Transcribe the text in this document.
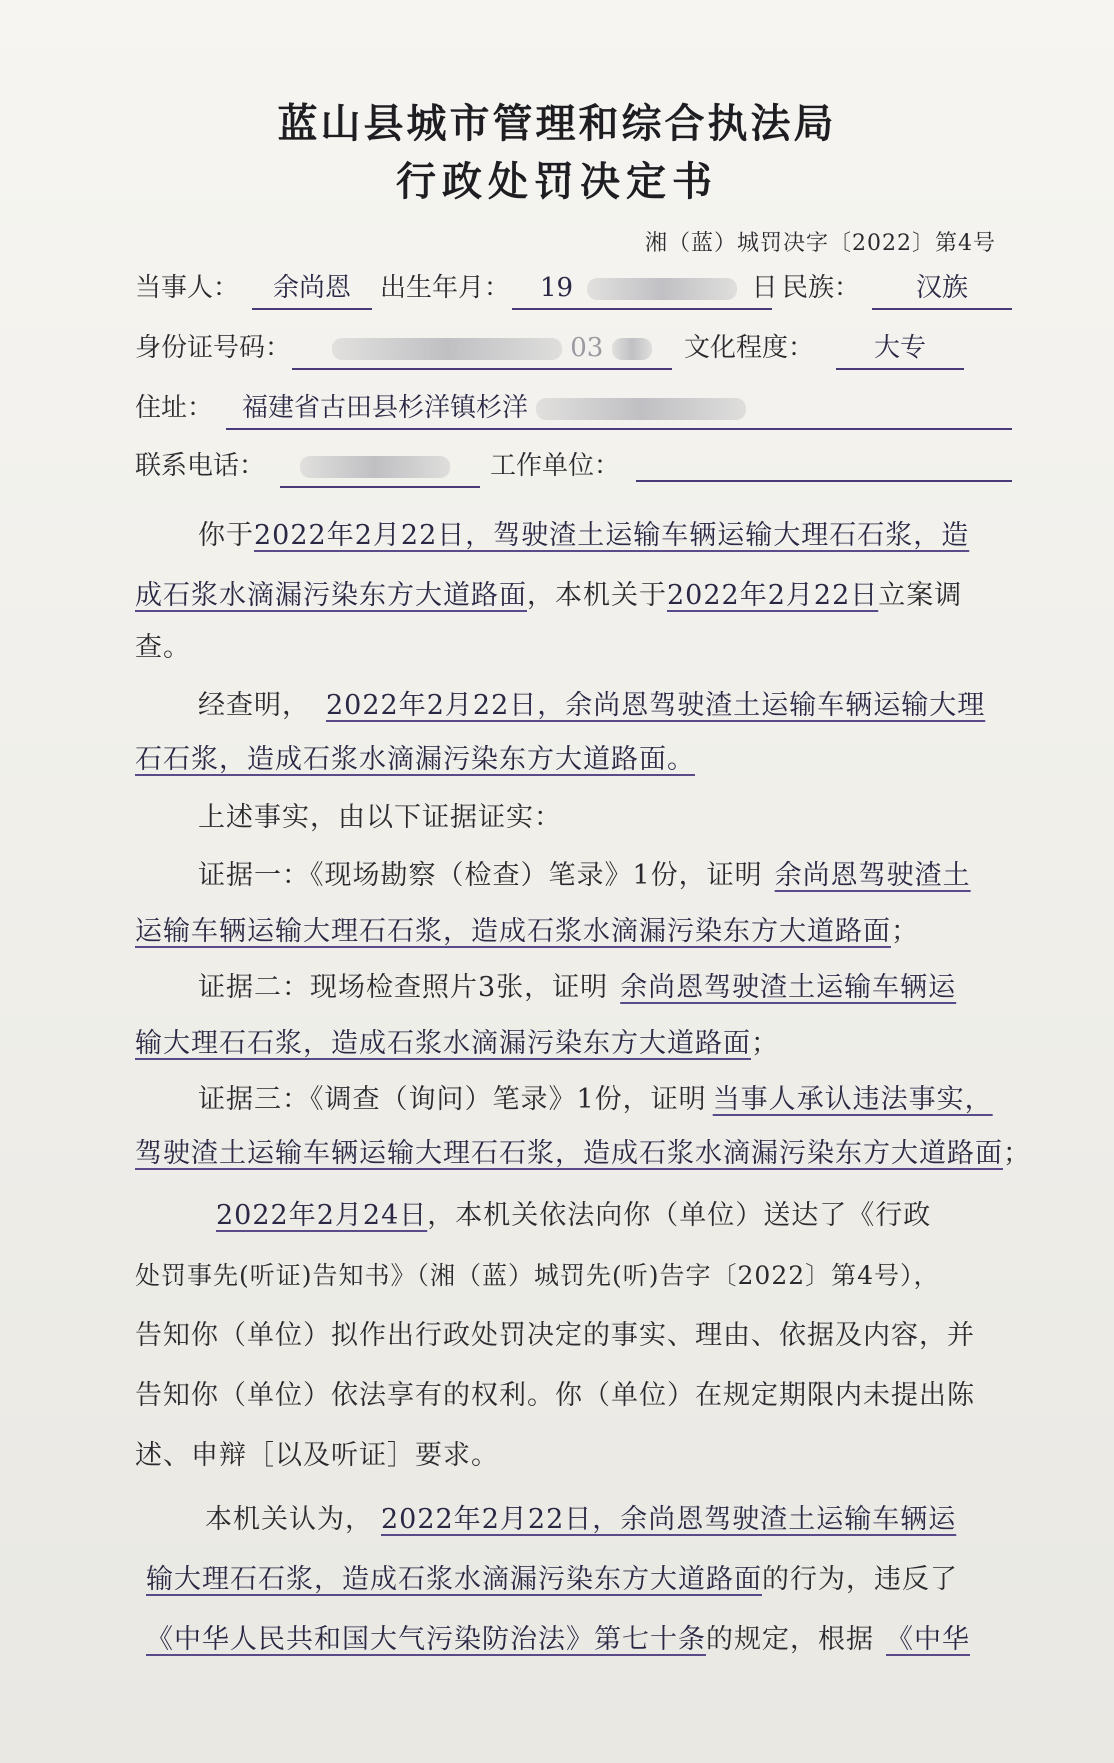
蓝山县城市管理和综合执法局
行政处罚决定书
湘（蓝）城罚决字〔2022〕第4号
当事人：	余尚恩	出生年月：	19	日 民族：	汉族
身份证号码：	03	文化程度：	大专
住址：	福建省古田县杉洋镇杉洋
联系电话：	工作单位：
你于2022年2月22日，驾驶渣土运输车辆运输大理石石浆，造
成石浆水滴漏污染东方大道路面，本机关于2022年2月22日立案调
查。
经查明， 2022年2月22日，余尚恩驾驶渣土运输车辆运输大理
石石浆，造成石浆水滴漏污染东方大道路面。
上述事实，由以下证据证实：
证据一：《现场勘察（检查）笔录》1份，证明 余尚恩驾驶渣土
运输车辆运输大理石石浆，造成石浆水滴漏污染东方大道路面；
证据二：现场检查照片3张，证明 余尚恩驾驶渣土运输车辆运
输大理石石浆，造成石浆水滴漏污染东方大道路面；
证据三：《调查（询问）笔录》1份，证明 当事人承认违法事实，
驾驶渣土运输车辆运输大理石石浆，造成石浆水滴漏污染东方大道路面；
2022年2月24日，本机关依法向你（单位）送达了《行政
处罚事先(听证)告知书》（湘（蓝）城罚先(听)告字〔2022〕第4号），
告知你（单位）拟作出行政处罚决定的事实、理由、依据及内容，并
告知你（单位）依法享有的权利。你（单位）在规定期限内未提出陈
述、申辩［以及听证］要求。
本机关认为， 2022年2月22日，余尚恩驾驶渣土运输车辆运
输大理石石浆，造成石浆水滴漏污染东方大道路面的行为，违反了
《中华人民共和国大气污染防治法》第七十条的规定，根据 《中华
